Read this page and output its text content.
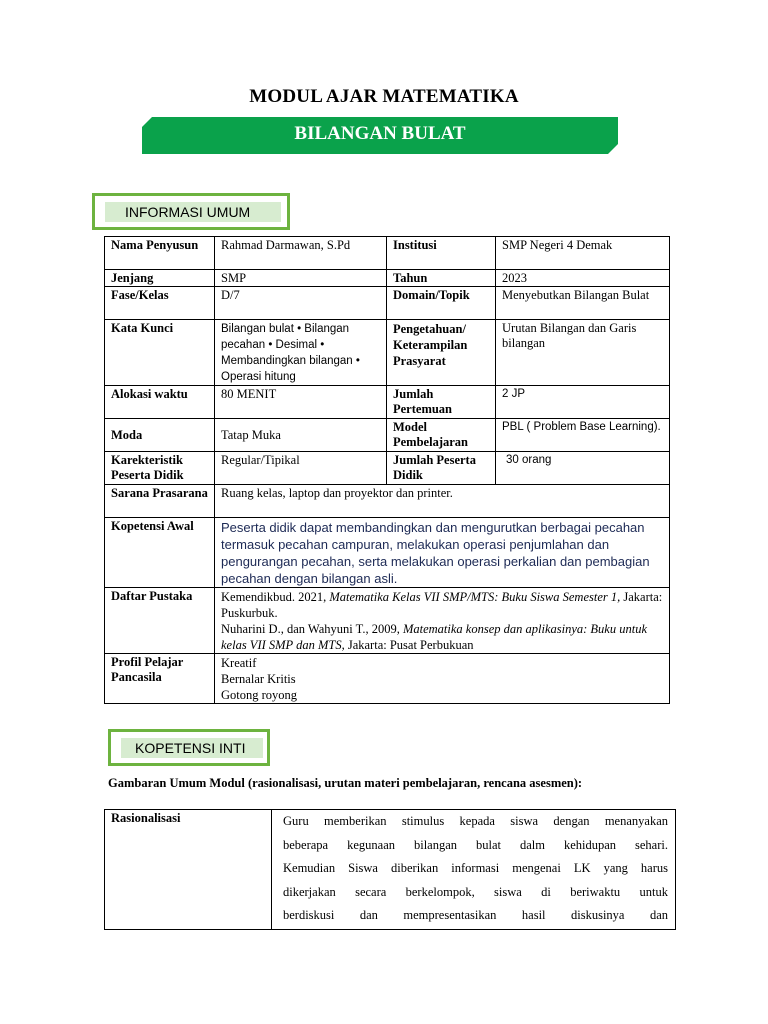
MODUL AJAR MATEMATIKA
BILANGAN BULAT
INFORMASI UMUM
Nama Penyusun	Rahmad Darmawan, S.Pd	Institusi	SMP Negeri 4 Demak
Jenjang	SMP	Tahun	2023
Fase/Kelas	D/7	Domain/Topik	Menyebutkan Bilangan Bulat
Kata Kunci	Bilangan bulat • Bilangan pecahan • Desimal • Membandingkan bilangan • Operasi hitung	Pengetahuan/ Keterampilan Prasyarat	Urutan Bilangan dan Garis bilangan
Alokasi waktu	80 MENIT	Jumlah Pertemuan	2 JP
Moda	Tatap Muka	Model Pembelajaran	PBL ( Problem Base Learning).
Karekteristik Peserta Didik	Regular/Tipikal	Jumlah Peserta Didik	30 orang
Sarana Prasarana	Ruang kelas, laptop dan proyektor dan printer.		
Kopetensi Awal	Peserta didik dapat membandingkan dan mengurutkan berbagai pecahan termasuk pecahan campuran, melakukan operasi penjumlahan dan pengurangan pecahan, serta melakukan operasi perkalian dan pembagian pecahan dengan bilangan asli.		
Daftar Pustaka	Kemendikbud. 2021, Matematika Kelas VII SMP/MTS: Buku Siswa Semester 1, Jakarta: Puskurbuk.
Nuharini D., dan Wahyuni T., 2009, Matematika konsep dan aplikasinya: Buku untuk kelas VII SMP dan MTS, Jakarta: Pusat Perbukuan		
Profil Pelajar Pancasila	Kreatif
Bernalar Kritis
Gotong royong		
KOPETENSI INTI
Gambaran Umum Modul (rasionalisasi, urutan materi pembelajaran, rencana asesmen):
Rasionalisasi	Guru memberikan stimulus kepada siswa dengan menanyakan
beberapa kegunaan bilangan bulat dalm kehidupan sehari.
Kemudian Siswa diberikan informasi mengenai LK yang harus
dikerjakan secara berkelompok, siswa di beriwaktu untuk
berdiskusi dan mempresentasikan hasil diskusinya dan
